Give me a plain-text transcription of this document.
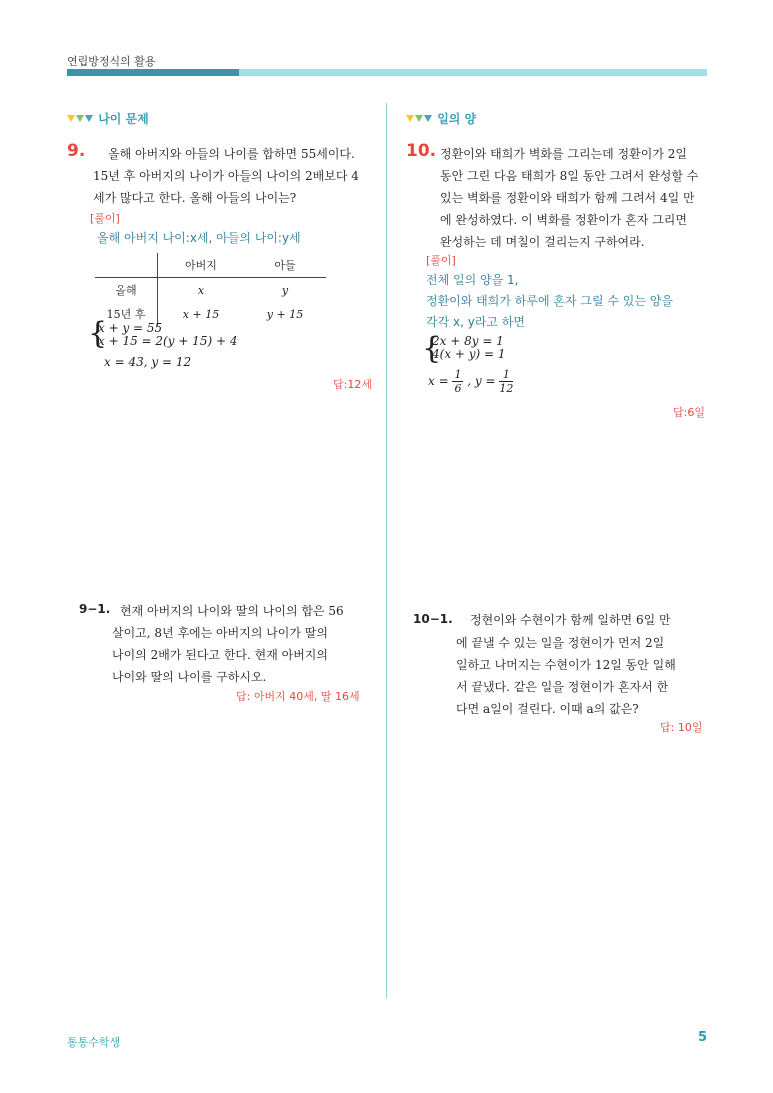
연립방정식의 활용
나이 문제
9. 올해 아버지와 아들의 나이를 합하면 55세이다.
15년 후 아버지의 나이가 아들의 나이의 2배보다 4
세가 많다고 한다. 올해 아들의 나이는?
[풀이]
올해 아버지 나이:x세, 아들의 나이:y세
	아버지	아들
올해	x	y
15년 후	x + 15	y + 15
{
x + y = 55
x + 15 = 2(y + 15) + 4
x = 43, y = 12
답:12세
9−1. 현재 아버지의 나이와 딸의 나이의 합은 56
살이고, 8년 후에는 아버지의 나이가 딸의
나이의 2배가 된다고 한다. 현재 아버지의
나이와 딸의 나이를 구하시오.
답: 아버지 40세, 딸 16세
일의 양
10. 정환이와 태희가 벽화를 그리는데 정환이가 2일
동안 그린 다음 태희가 8일 동안 그려서 완성할 수
있는 벽화를 정환이와 태희가 함께 그려서 4일 만
에 완성하였다. 이 벽화를 정환이가 혼자 그리면
완성하는 데 며칠이 걸리는지 구하여라.
[풀이]
전체 일의 양을 1,
정환이와 태희가 하루에 혼자 그릴 수 있는 양을
각각 x, y라고 하면
{
2x + 8y = 1
4(x + y) = 1
$x = \frac{1}{6}$ , $y = \frac{1}{12}$
답:6일
10−1. 정현이와 수현이가 함께 일하면 6일 만
에 끝낼 수 있는 일을 정현이가 먼저 2일
일하고 나머지는 수현이가 12일 동안 일해
서 끝냈다. 같은 일을 정현이가 혼자서 한
다면 a일이 걸린다. 이때 a의 값은?
답: 10일
통통수학생	5
